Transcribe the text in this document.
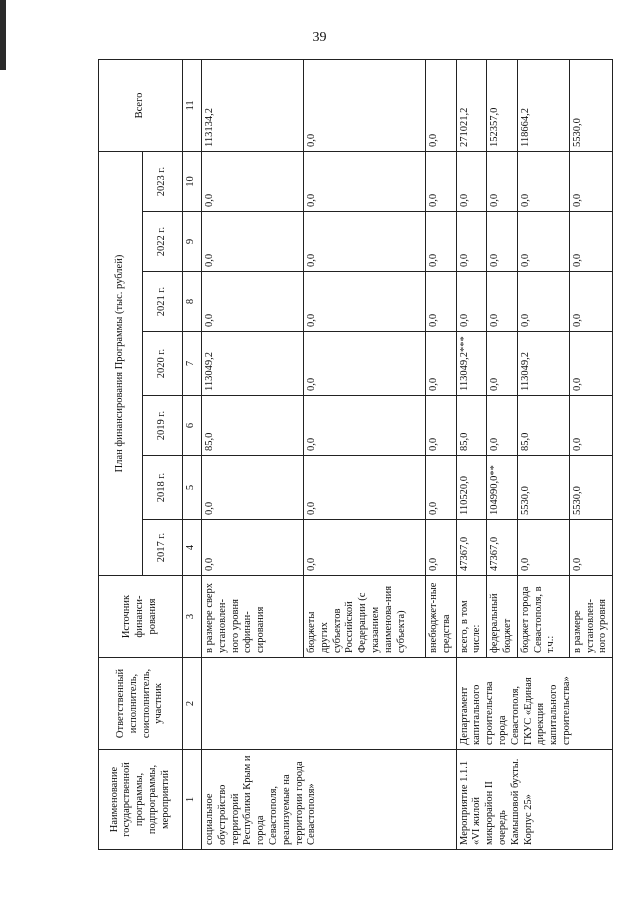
39
Наименование государственной программы, подпрограммы, мероприятий	Ответственный исполнитель, соисполнитель, участник	Источник финанси-рования	План финансирования Программы (тыс. рублей)							Всего
			2017 г.	2018 г.	2019 г.	2020 г.	2021 г.	2022 г.	2023 г.	
1	2	3	4	5	6	7	8	9	10	11
социальное обустройство территорий Республики Крым и города Севастополя, реализуемые на территории города Севастополя»		в размере сверх установлен-ного уровня софинан-сирования	0,0	0,0	85,0	113049,2	0,0	0,0	0,0	113134,2
		бюджеты других субъектов Российской Федерации (с указанием наименова-ния субъекта)	0,0	0,0	0,0	0,0	0,0	0,0	0,0	0,0
		внебюджет-ные средства	0,0	0,0	0,0	0,0	0,0	0,0	0,0	0,0
Мероприятие 1.1.1 «VI жилой микрорайон II очередь Камышовой бухты. Корпус 25»	Департамент капитального строительства города Севастополя, ГКУС «Единая дирекция капитального строительства»	всего, в том числе:	47367,0	110520,0	85,0	113049,2***	0,0	0,0	0,0	271021,2
		федеральный бюджет	47367,0	104990,0**	0,0	0,0	0,0	0,0	0,0	152357,0
		бюджет города Севастополя, в т.ч.:	0,0	5530,0	85,0	113049,2	0,0	0,0	0,0	118664,2
		в размере установлен-ного уровня	0,0	5530,0	0,0	0,0	0,0	0,0	0,0	5530,0
